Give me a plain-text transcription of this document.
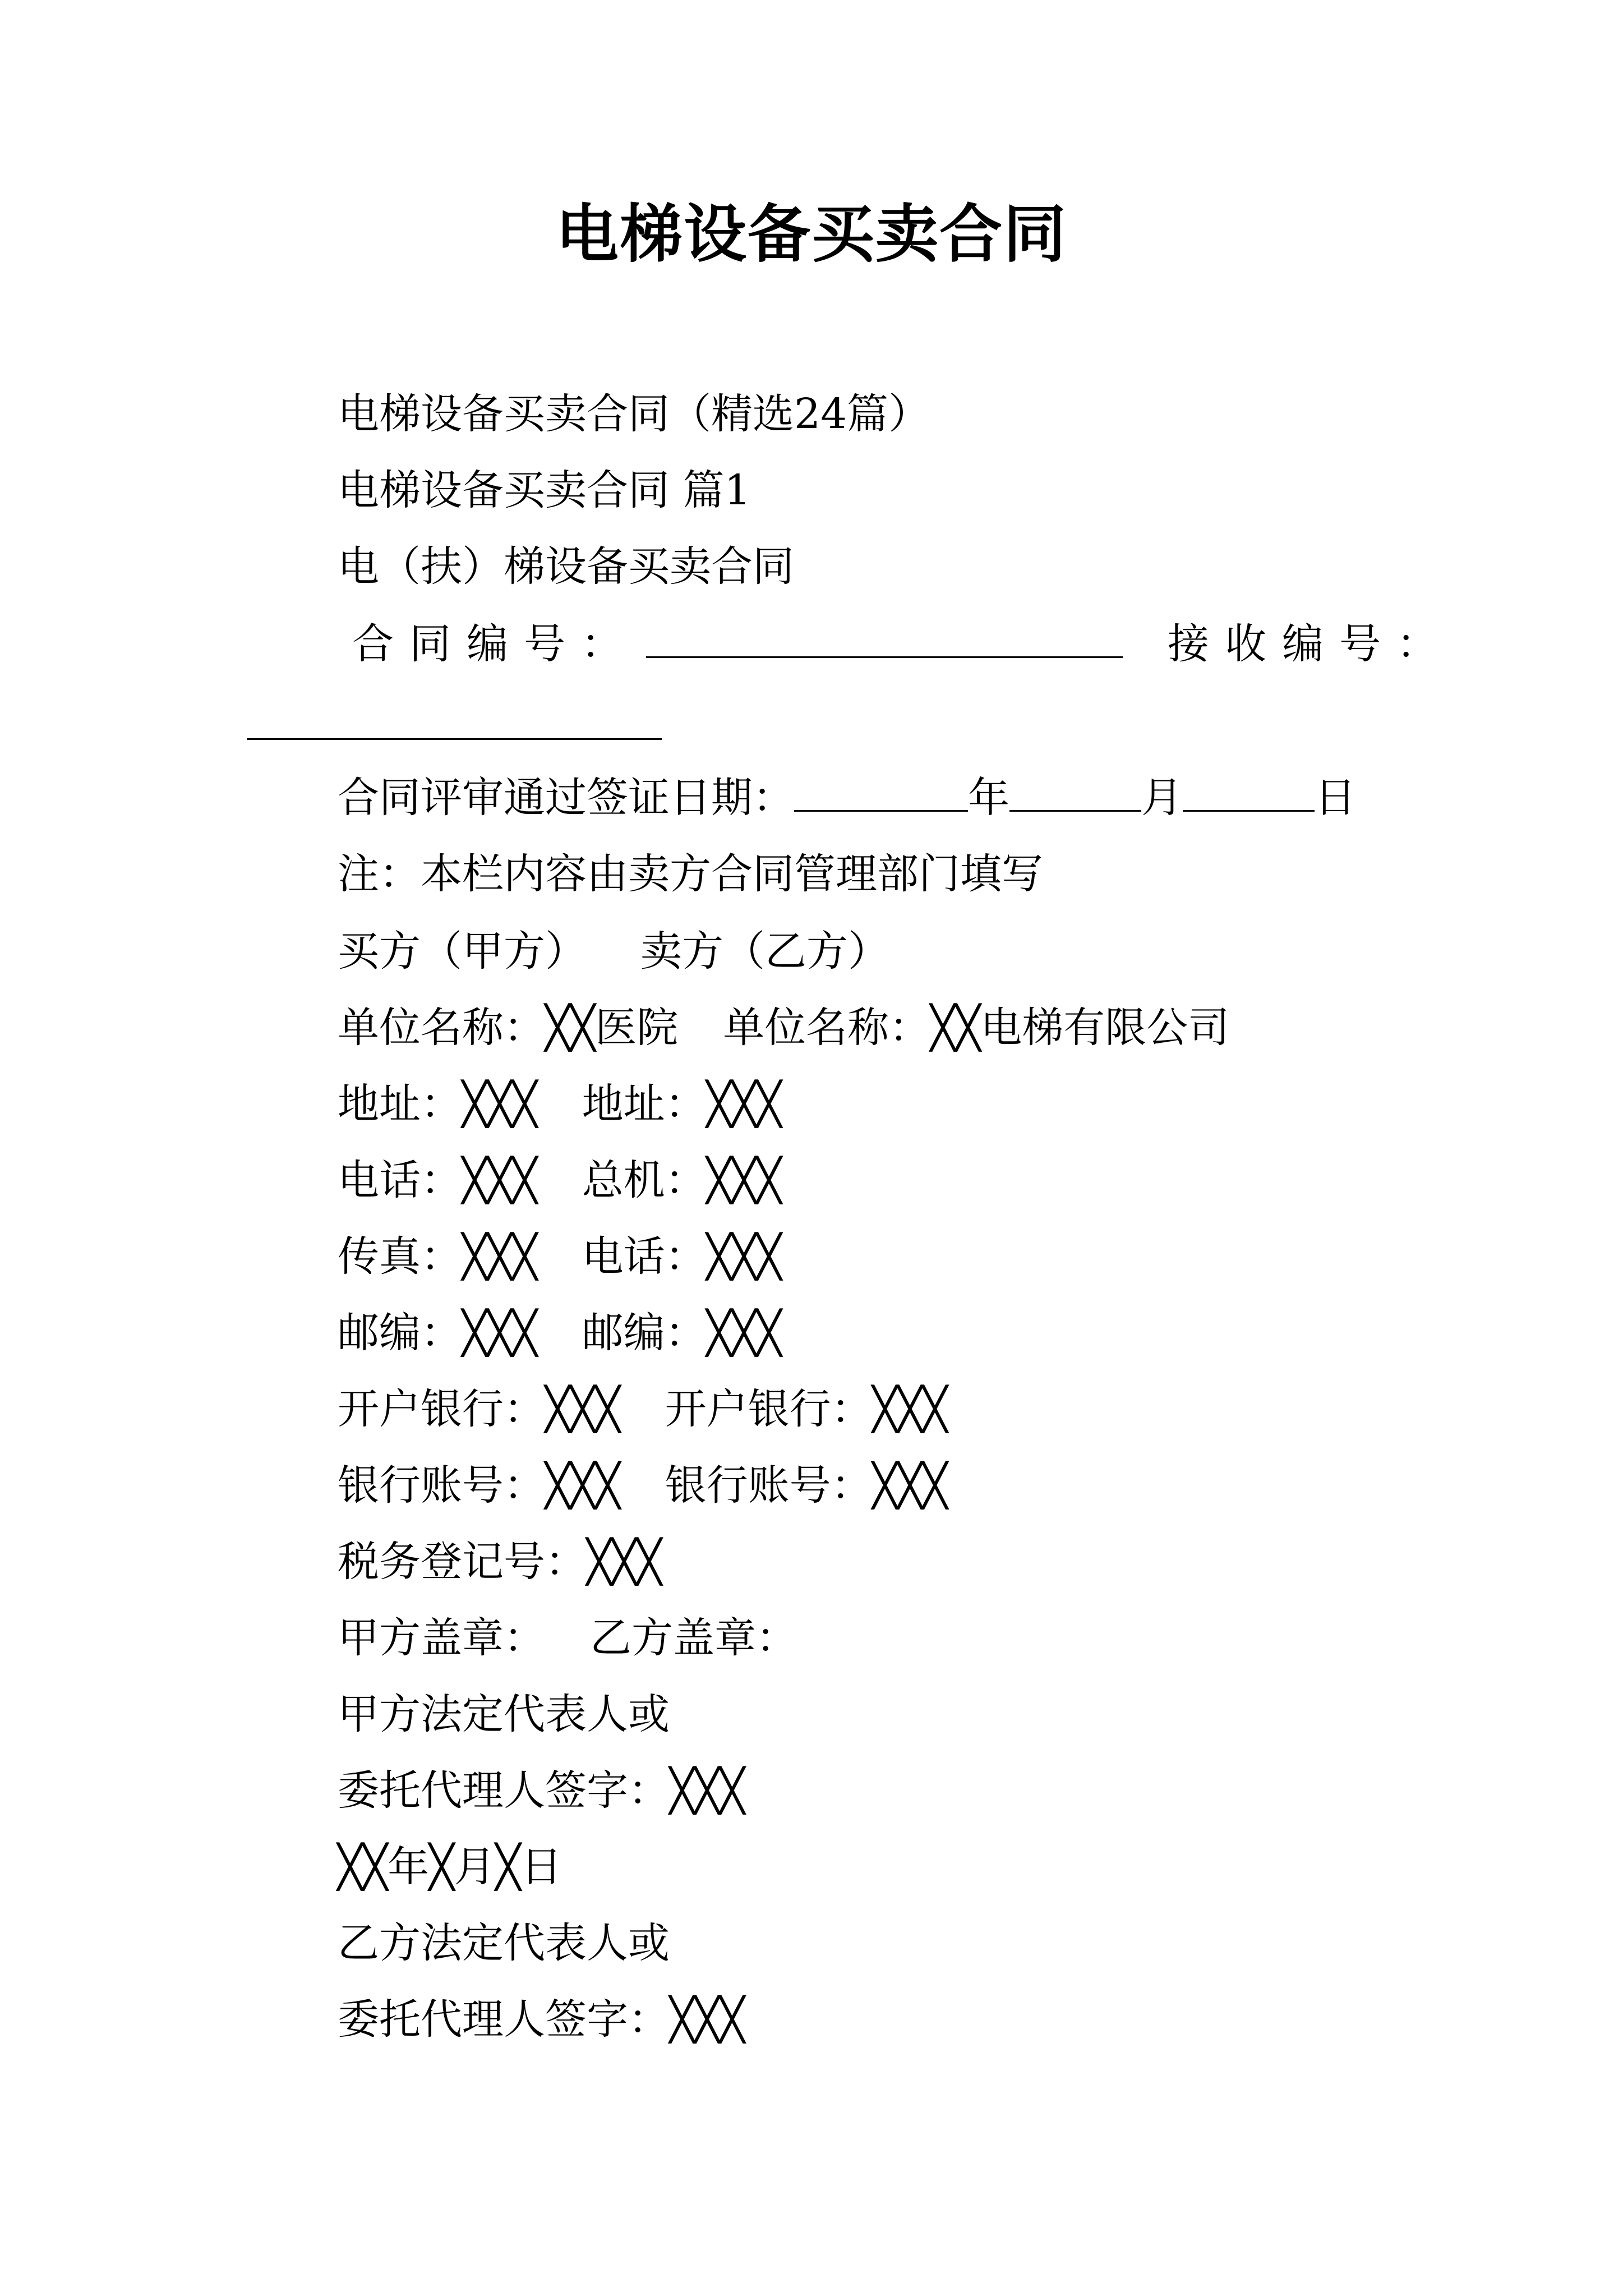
电梯设备买卖合同
电梯设备买卖合同（精选24篇）
电梯设备买卖合同 篇1
电（扶）梯设备买卖合同
合同编号：	接收编号：
合同评审通过签证日期：	年	月	日
注：本栏内容由卖方合同管理部门填写
买方（甲方） 卖方（乙方）
单位名称：╳╳医院 单位名称：╳╳电梯有限公司
地址：╳╳╳ 地址：╳╳╳
电话：╳╳╳ 总机：╳╳╳
传真：╳╳╳ 电话：╳╳╳
邮编：╳╳╳ 邮编：╳╳╳
开户银行：╳╳╳ 开户银行：╳╳╳
银行账号：╳╳╳ 银行账号：╳╳╳
税务登记号：╳╳╳
甲方盖章： 乙方盖章：
甲方法定代表人或
委托代理人签字：╳╳╳
╳╳年╳月╳日
乙方法定代表人或
委托代理人签字：╳╳╳
